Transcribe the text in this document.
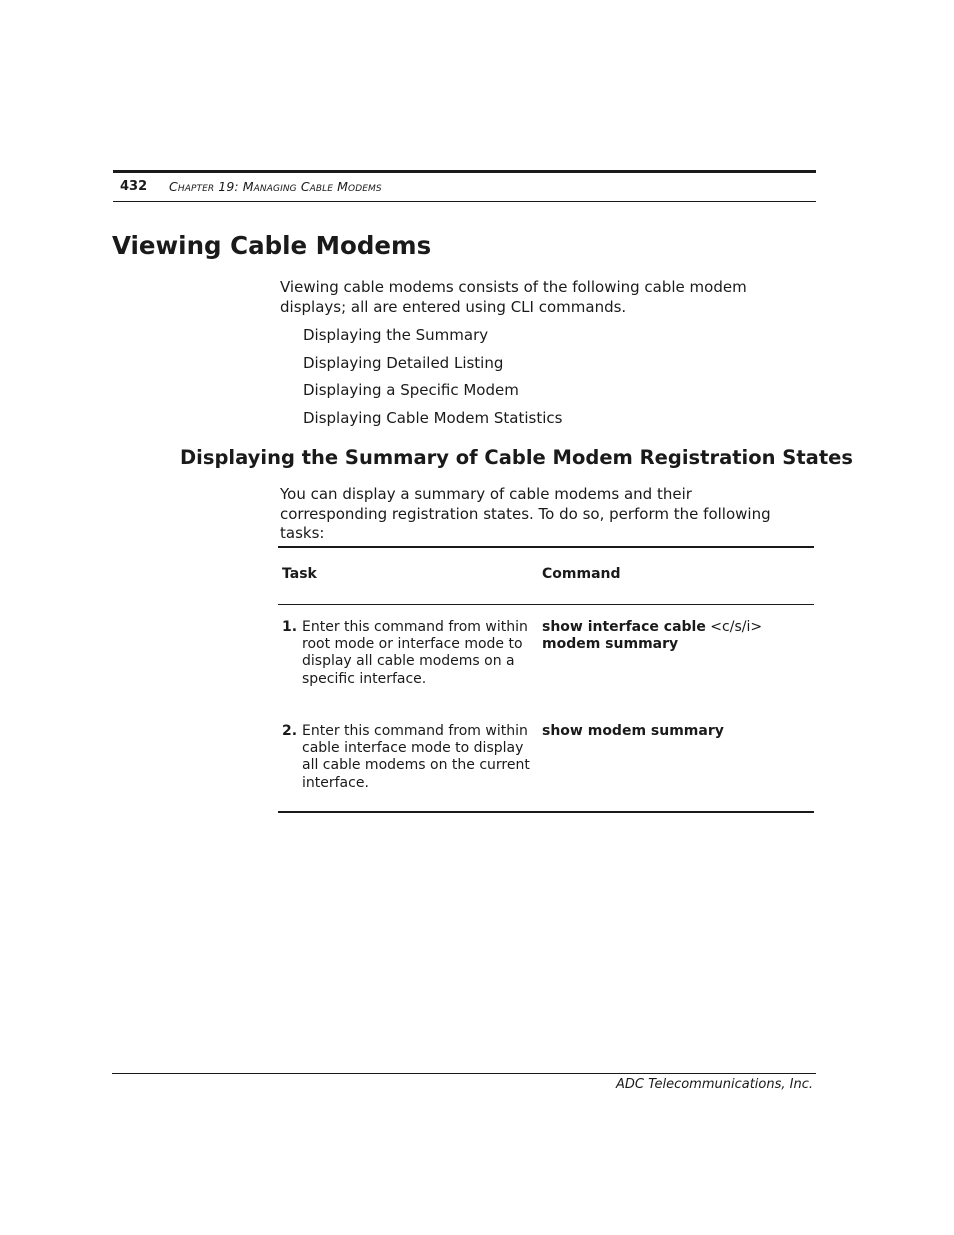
432 Chapter 19: Managing Cable Modems
Viewing Cable Modems

Viewing cable modems consists of the following cable modem displays; all are entered using CLI commands.

Displaying the Summary
Displaying Detailed Listing
Displaying a Specific Modem
Displaying Cable Modem Statistics
Displaying the Summary of Cable Modem Registration States

You can display a summary of cable modems and their corresponding registration states. To do so, perform the following tasks:

Task	Command
1. Enter this command from within root mode or interface mode to display all cable modems on a specific interface.
show interface cable <c/s/i> modem summary
2. Enter this command from within cable interface mode to display all cable modems on the current interface.
show modem summary
ADC Telecommunications, Inc.
